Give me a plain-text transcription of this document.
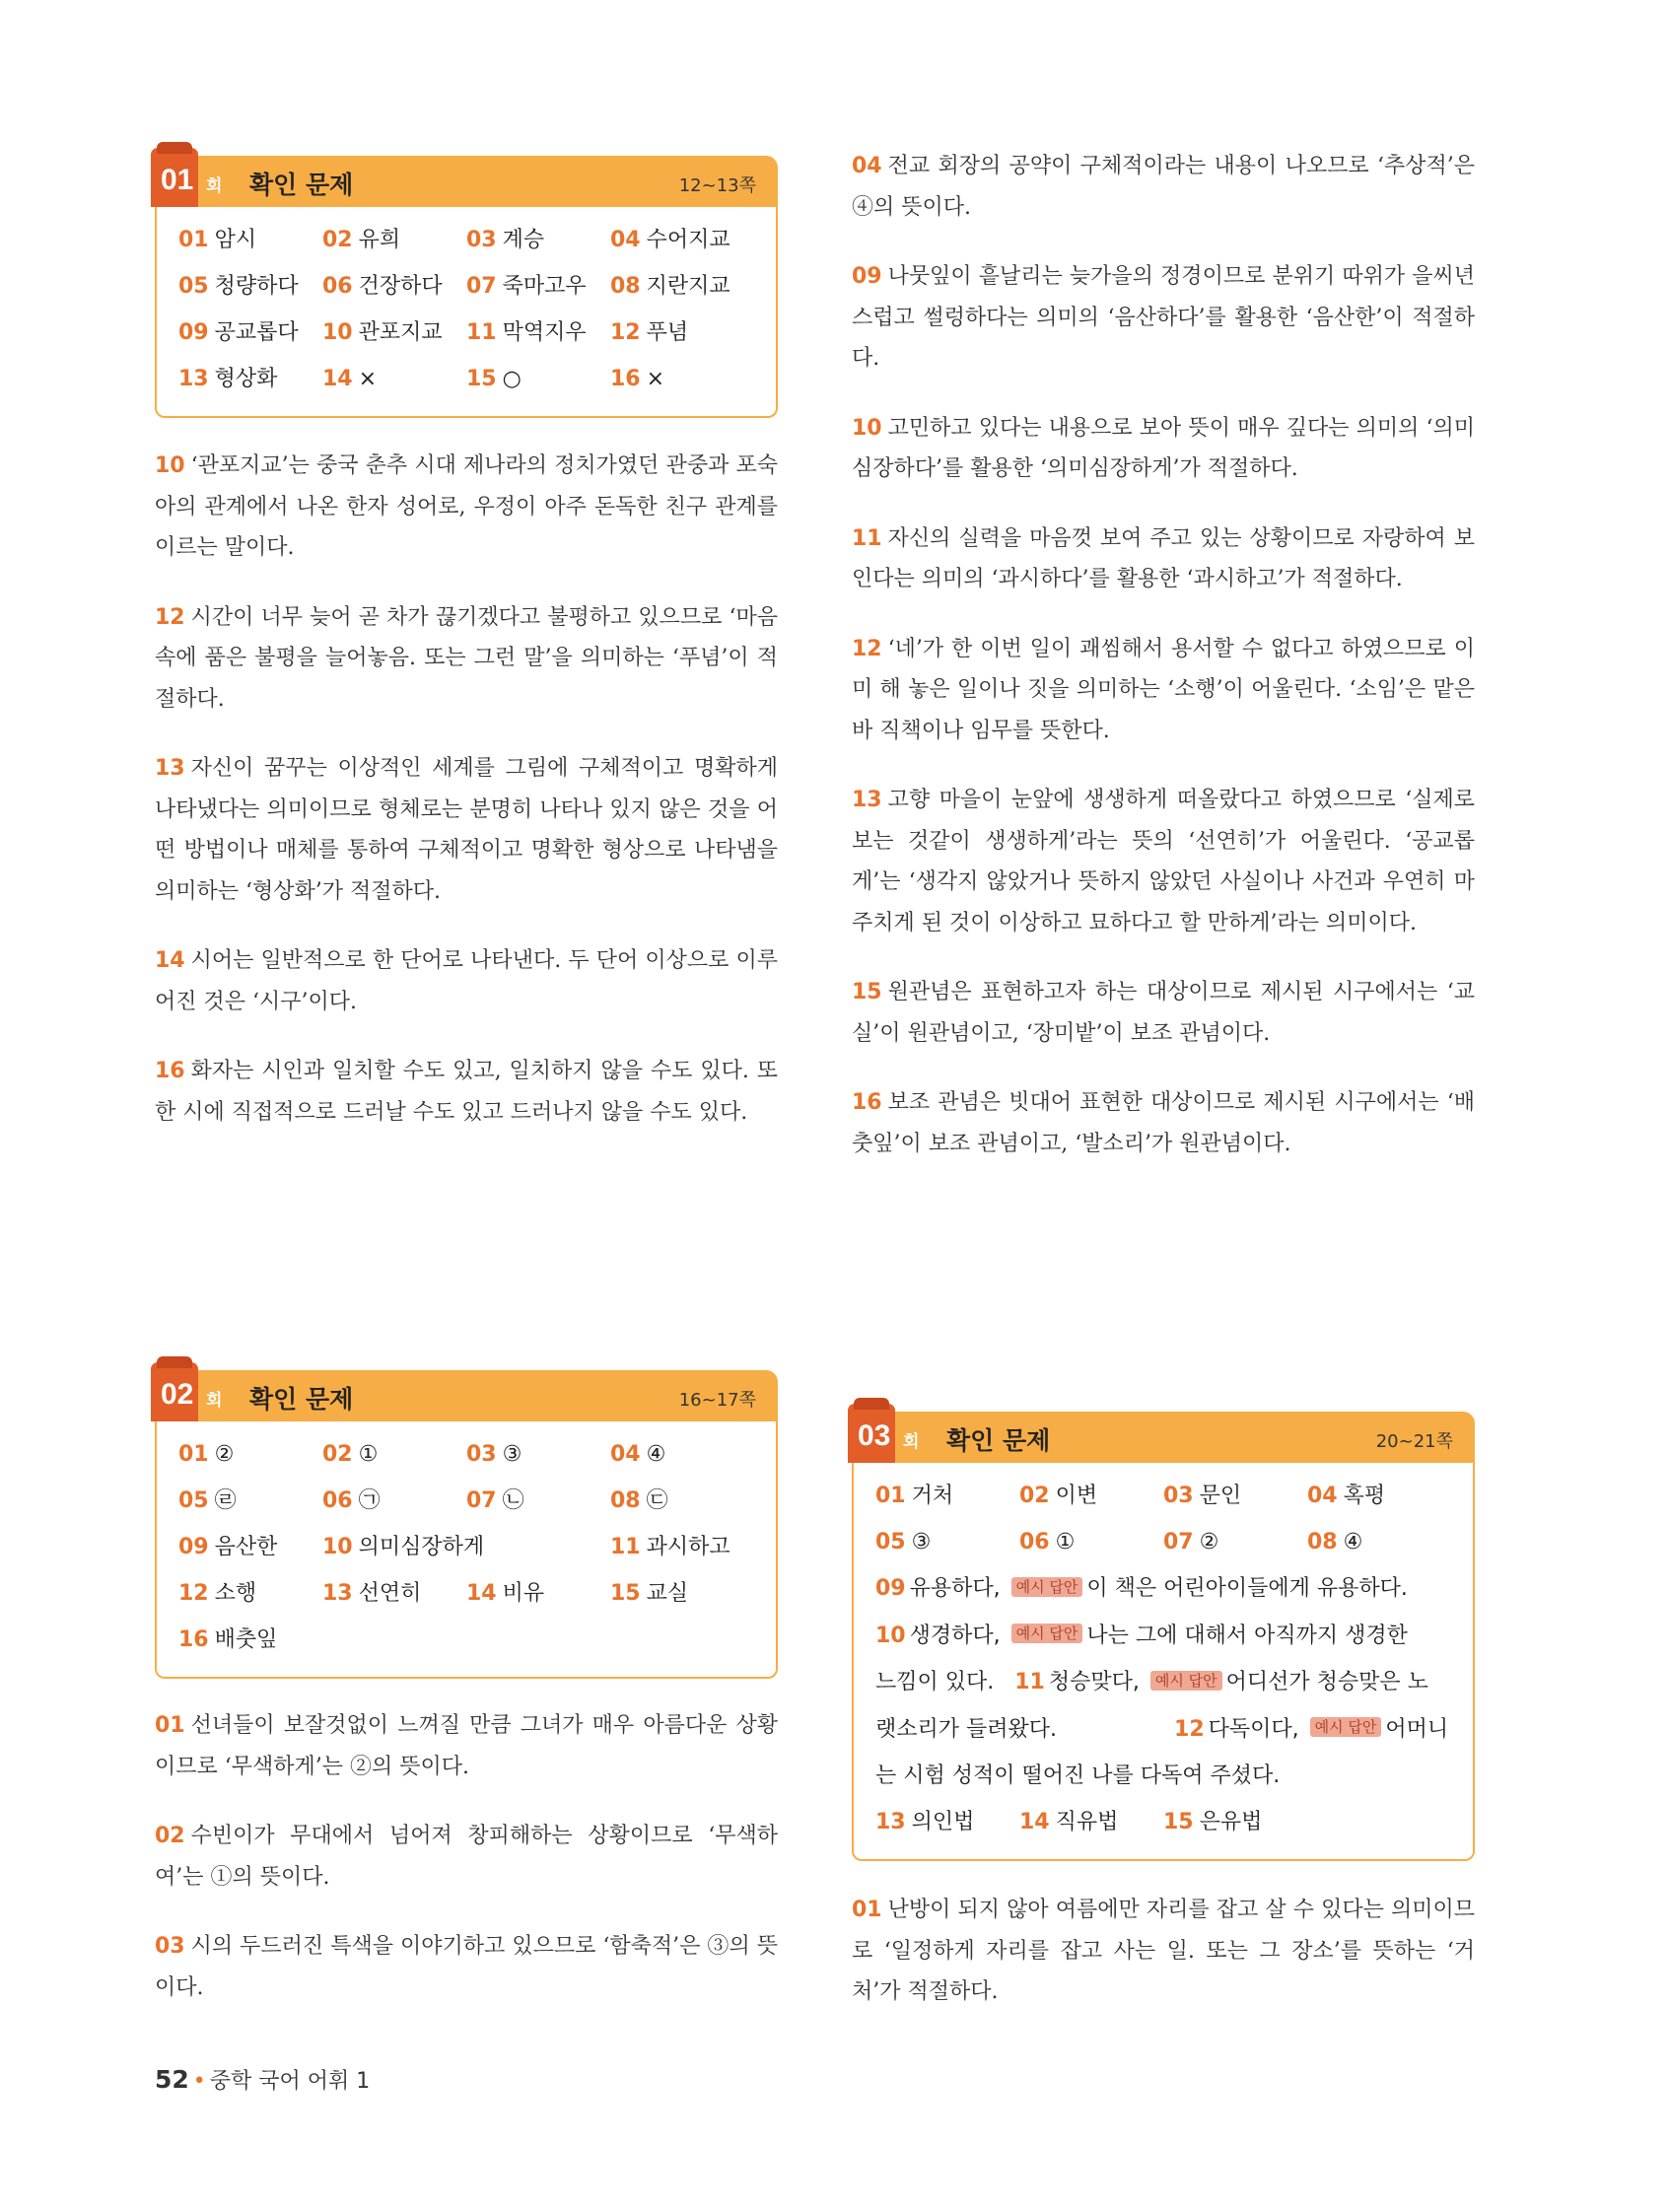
01 회 확인 문제	12~13쪽
01 암시	02 유희	03 계승	04 수어지교
05 청량하다	06 건장하다	07 죽마고우	08 지란지교
09 공교롭다	10 관포지교	11 막역지우	12 푸념
13 형상화	14 ×	15 ○	16 ×
10 ‘관포지교’는 중국 춘추 시대 제나라의 정치가였던 관중과 포숙아의 관계에서 나온 한자 성어로, 우정이 아주 돈독한 친구 관계를 이르는 말이다.
12 시간이 너무 늦어 곧 차가 끊기겠다고 불평하고 있으므로 ‘마음속에 품은 불평을 늘어놓음. 또는 그런 말’을 의미하는 ‘푸념’이 적절하다.
13 자신이 꿈꾸는 이상적인 세계를 그림에 구체적이고 명확하게 나타냈다는 의미이므로 형체로는 분명히 나타나 있지 않은 것을 어떤 방법이나 매체를 통하여 구체적이고 명확한 형상으로 나타냄을 의미하는 ‘형상화’가 적절하다.
14 시어는 일반적으로 한 단어로 나타낸다. 두 단어 이상으로 이루어진 것은 ‘시구’이다.
16 화자는 시인과 일치할 수도 있고, 일치하지 않을 수도 있다. 또한 시에 직접적으로 드러날 수도 있고 드러나지 않을 수도 있다.
04 전교 회장의 공약이 구체적이라는 내용이 나오므로 ‘추상적’은 ④의 뜻이다.
09 나뭇잎이 흩날리는 늦가을의 정경이므로 분위기 따위가 을씨년스럽고 썰렁하다는 의미의 ‘음산하다’를 활용한 ‘음산한’이 적절하다.
10 고민하고 있다는 내용으로 보아 뜻이 매우 깊다는 의미의 ‘의미심장하다’를 활용한 ‘의미심장하게’가 적절하다.
11 자신의 실력을 마음껏 보여 주고 있는 상황이므로 자랑하여 보인다는 의미의 ‘과시하다’를 활용한 ‘과시하고’가 적절하다.
12 ‘네’가 한 이번 일이 괘씸해서 용서할 수 없다고 하였으므로 이미 해 놓은 일이나 짓을 의미하는 ‘소행’이 어울린다. ‘소임’은 맡은 바 직책이나 임무를 뜻한다.
13 고향 마을이 눈앞에 생생하게 떠올랐다고 하였으므로 ‘실제로 보는 것같이 생생하게’라는 뜻의 ‘선연히’가 어울린다. ‘공교롭게’는 ‘생각지 않았거나 뜻하지 않았던 사실이나 사건과 우연히 마주치게 된 것이 이상하고 묘하다고 할 만하게’라는 의미이다.
15 원관념은 표현하고자 하는 대상이므로 제시된 시구에서는 ‘교실’이 원관념이고, ‘장미밭’이 보조 관념이다.
16 보조 관념은 빗대어 표현한 대상이므로 제시된 시구에서는 ‘배춧잎’이 보조 관념이고, ‘발소리’가 원관념이다.
02 회 확인 문제	16~17쪽
01 ②	02 ①	03 ③	04 ④
05 ㉣	06 ㉠	07 ㉡	08 ㉢
09 음산한	10 의미심장하게	11 과시하고
12 소행	13 선연히	14 비유	15 교실
16 배춧잎
01 선녀들이 보잘것없이 느껴질 만큼 그녀가 매우 아름다운 상황이므로 ‘무색하게’는 ②의 뜻이다.
02 수빈이가 무대에서 넘어져 창피해하는 상황이므로 ‘무색하여’는 ①의 뜻이다.
03 시의 두드러진 특색을 이야기하고 있으므로 ‘함축적’은 ③의 뜻이다.
03 회 확인 문제	20~21쪽
01 거처	02 이변	03 문인	04 혹평
05 ③	06 ①	07 ②	08 ④
09 유용하다, 예시 답안 이 책은 어린아이들에게 유용하다.
10 생경하다, 예시 답안 나는 그에 대해서 아직까지 생경한
느낌이 있다. 11 청승맞다, 예시 답안 어디선가 청승맞은 노
랫소리가 들려왔다.	12 다독이다, 예시 답안 어머니
는 시험 성적이 떨어진 나를 다독여 주셨다.
13 의인법	14 직유법	15 은유법
01 난방이 되지 않아 여름에만 자리를 잡고 살 수 있다는 의미이므로 ‘일정하게 자리를 잡고 사는 일. 또는 그 장소’를 뜻하는 ‘거처’가 적절하다.
52 • 중학 국어 어휘 1
